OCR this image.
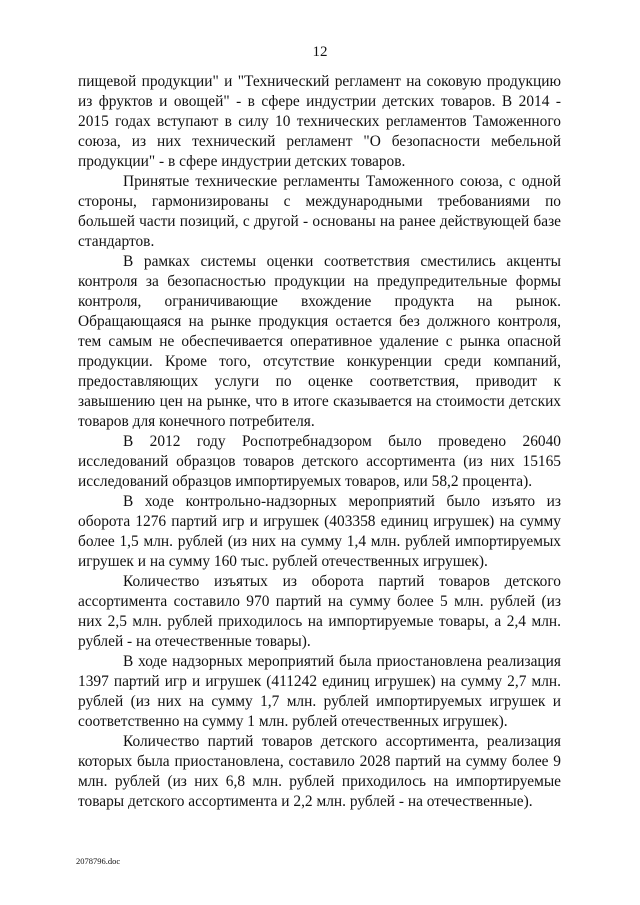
12

пищевой продукции" и "Технический регламент на соковую продукцию из фруктов и овощей" - в сфере индустрии детских товаров. В 2014 - 2015 годах вступают в силу 10 технических регламентов Таможенного союза, из них технический регламент "О безопасности мебельной продукции" - в сфере индустрии детских товаров.

Принятые технические регламенты Таможенного союза, с одной стороны, гармонизированы с международными требованиями по большей части позиций, с другой - основаны на ранее действующей базе стандартов.

В рамках системы оценки соответствия сместились акценты контроля за безопасностью продукции на предупредительные формы контроля, ограничивающие вхождение продукта на рынок. Обращающаяся на рынке продукция остается без должного контроля, тем самым не обеспечивается оперативное удаление с рынка опасной продукции. Кроме того, отсутствие конкуренции среди компаний, предоставляющих услуги по оценке соответствия, приводит к завышению цен на рынке, что в итоге сказывается на стоимости детских товаров для конечного потребителя.

В 2012 году Роспотребнадзором было проведено 26040 исследований образцов товаров детского ассортимента (из них 15165 исследований образцов импортируемых товаров, или 58,2 процента).

В ходе контрольно-надзорных мероприятий было изъято из оборота 1276 партий игр и игрушек (403358 единиц игрушек) на сумму более 1,5 млн. рублей (из них на сумму 1,4 млн. рублей импортируемых игрушек и на сумму 160 тыс. рублей отечественных игрушек).

Количество изъятых из оборота партий товаров детского ассортимента составило 970 партий на сумму более 5 млн. рублей (из них 2,5 млн. рублей приходилось на импортируемые товары, а 2,4 млн. рублей - на отечественные товары).

В ходе надзорных мероприятий была приостановлена реализация 1397 партий игр и игрушек (411242 единиц игрушек) на сумму 2,7 млн. рублей (из них на сумму 1,7 млн. рублей импортируемых игрушек и соответственно на сумму 1 млн. рублей отечественных игрушек).

Количество партий товаров детского ассортимента, реализация которых была приостановлена, составило 2028 партий на сумму более 9 млн. рублей (из них 6,8 млн. рублей приходилось на импортируемые товары детского ассортимента и 2,2 млн. рублей - на отечественные).

2078796.doc
